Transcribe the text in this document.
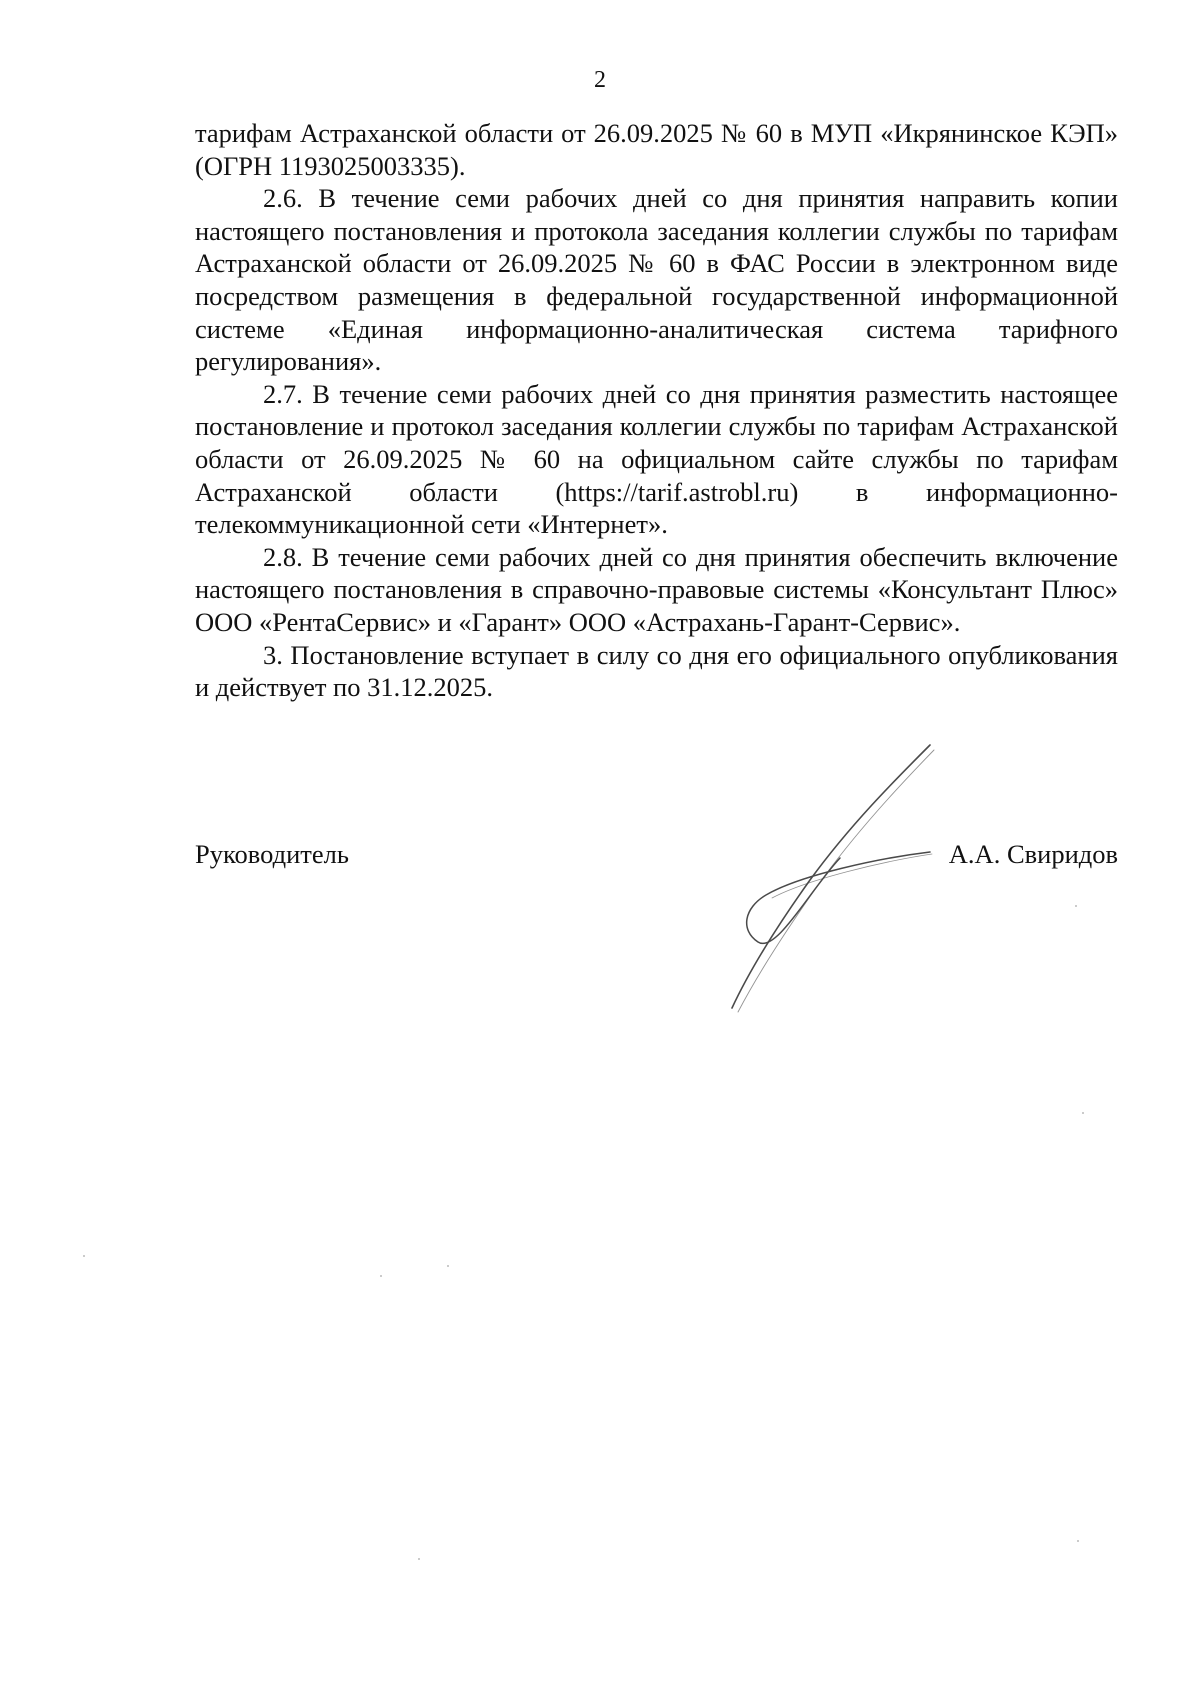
2

тарифам Астраханской области от 26.09.2025 № 60 в МУП «Икрянинское КЭП» (ОГРН 1193025003335).

2.6. В течение семи рабочих дней со дня принятия направить копии настоящего постановления и протокола заседания коллегии службы по тарифам Астраханской области от 26.09.2025 № 60 в ФАС России в электронном виде посредством размещения в федеральной государственной информационной системе «Единая информационно-аналитическая система тарифного регулирования».

2.7. В течение семи рабочих дней со дня принятия разместить настоящее постановление и протокол заседания коллегии службы по тарифам Астраханской области от 26.09.2025 № 60 на официальном сайте службы по тарифам Астраханской области (https://tarif.astrobl.ru) в информационно-телекоммуникационной сети «Интернет».

2.8. В течение семи рабочих дней со дня принятия обеспечить включение настоящего постановления в справочно-правовые системы «Консультант Плюс» ООО «РентаСервис» и «Гарант» ООО «Астрахань-Гарант-Сервис».

3. Постановление вступает в силу со дня его официального опубликования и действует по 31.12.2025.

Руководитель	А.А. Свиридов
